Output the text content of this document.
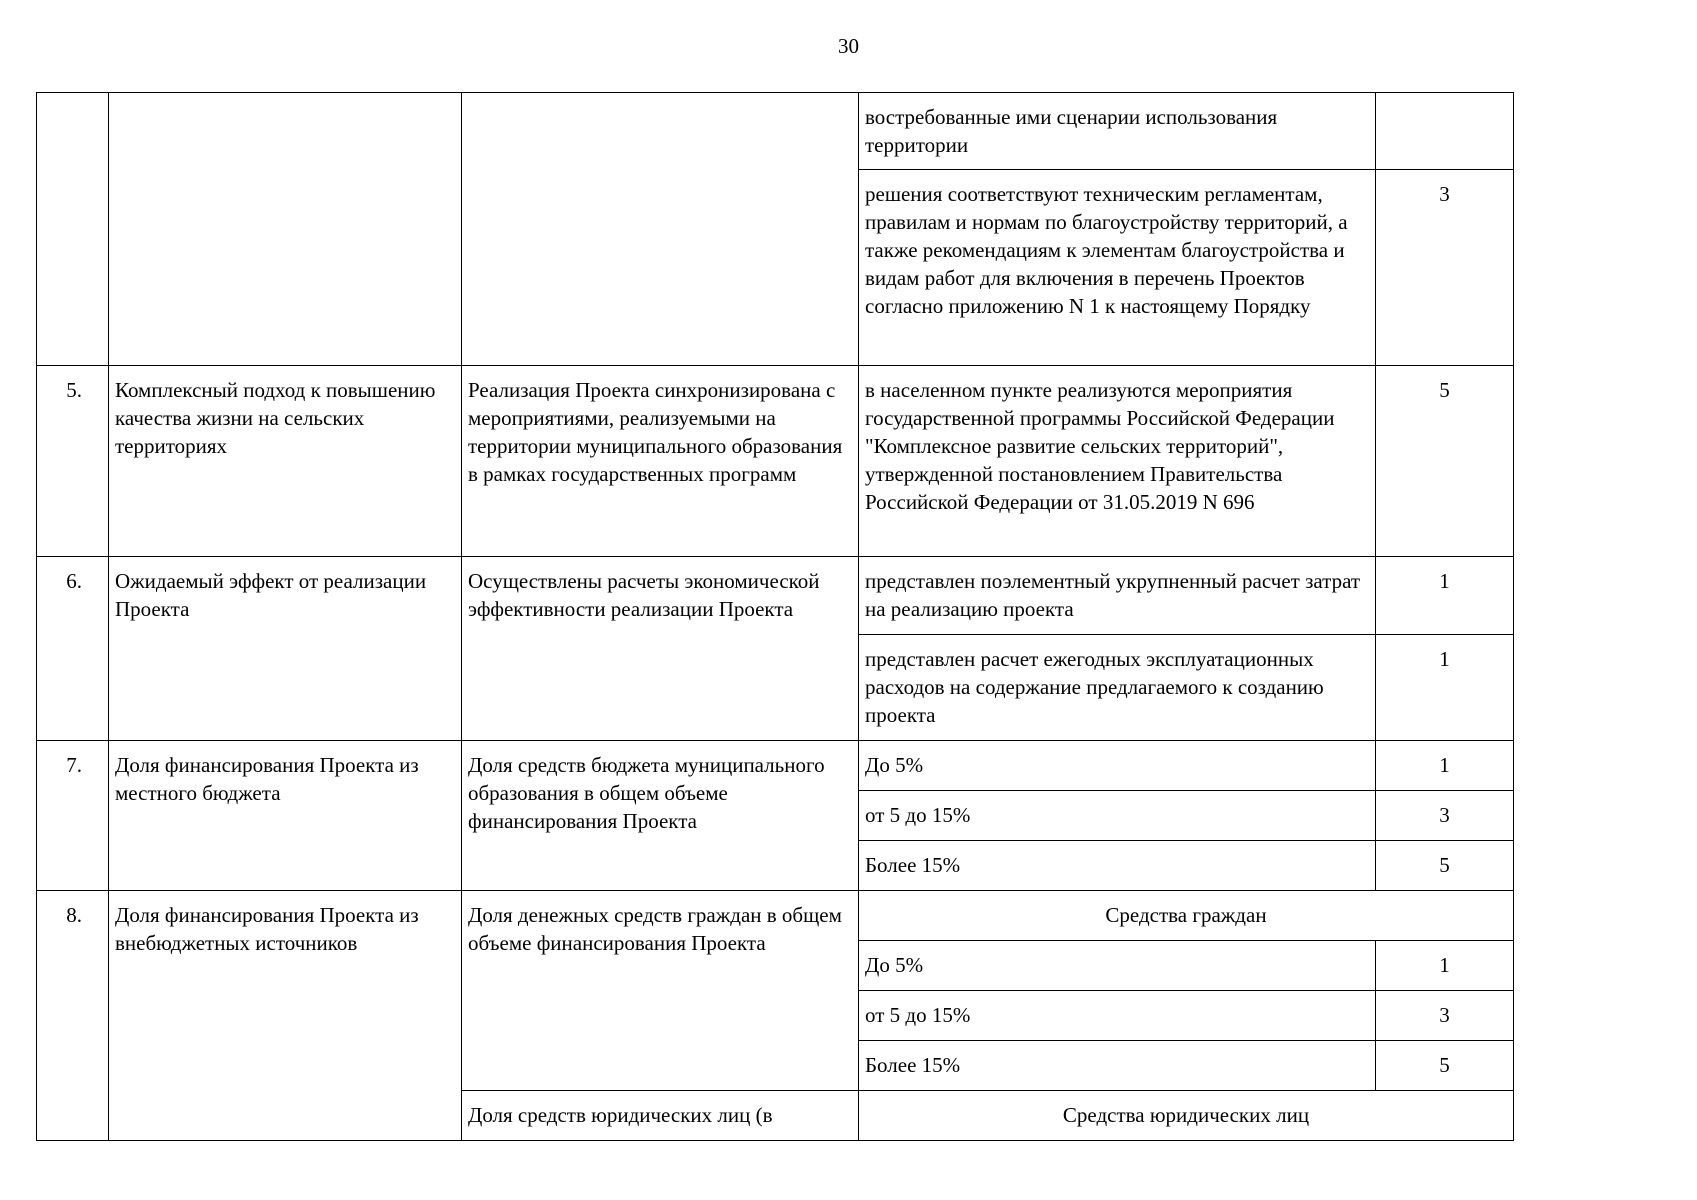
30
			востребованные ими сценарии использования территории	
			решения соответствуют техническим регламентам, правилам и нормам по благоустройству территорий, а также рекомендациям к элементам благоустройства и видам работ для включения в перечень Проектов согласно приложению N 1 к настоящему Порядку	3
5.	Комплексный подход к повышению качества жизни на сельских территориях	Реализация Проекта синхронизирована с мероприятиями, реализуемыми на территории муниципального образования в рамках государственных программ	в населенном пункте реализуются мероприятия государственной программы Российской Федерации "Комплексное развитие сельских территорий", утвержденной постановлением Правительства Российской Федерации от 31.05.2019 N 696	5
6.	Ожидаемый эффект от реализации Проекта	Осуществлены расчеты экономической эффективности реализации Проекта	представлен поэлементный укрупненный расчет затрат на реализацию проекта	1
			представлен расчет ежегодных эксплуатационных расходов на содержание предлагаемого к созданию проекта	1
7.	Доля финансирования Проекта из местного бюджета	Доля средств бюджета муниципального образования в общем объеме финансирования Проекта	До 5%	1
			от 5 до 15%	3
			Более 15%	5
8.	Доля финансирования Проекта из внебюджетных источников	Доля денежных средств граждан в общем объеме финансирования Проекта	Средства граждан	
			До 5%	1
			от 5 до 15%	3
			Более 15%	5
		Доля средств юридических лиц (в	Средства юридических лиц	
